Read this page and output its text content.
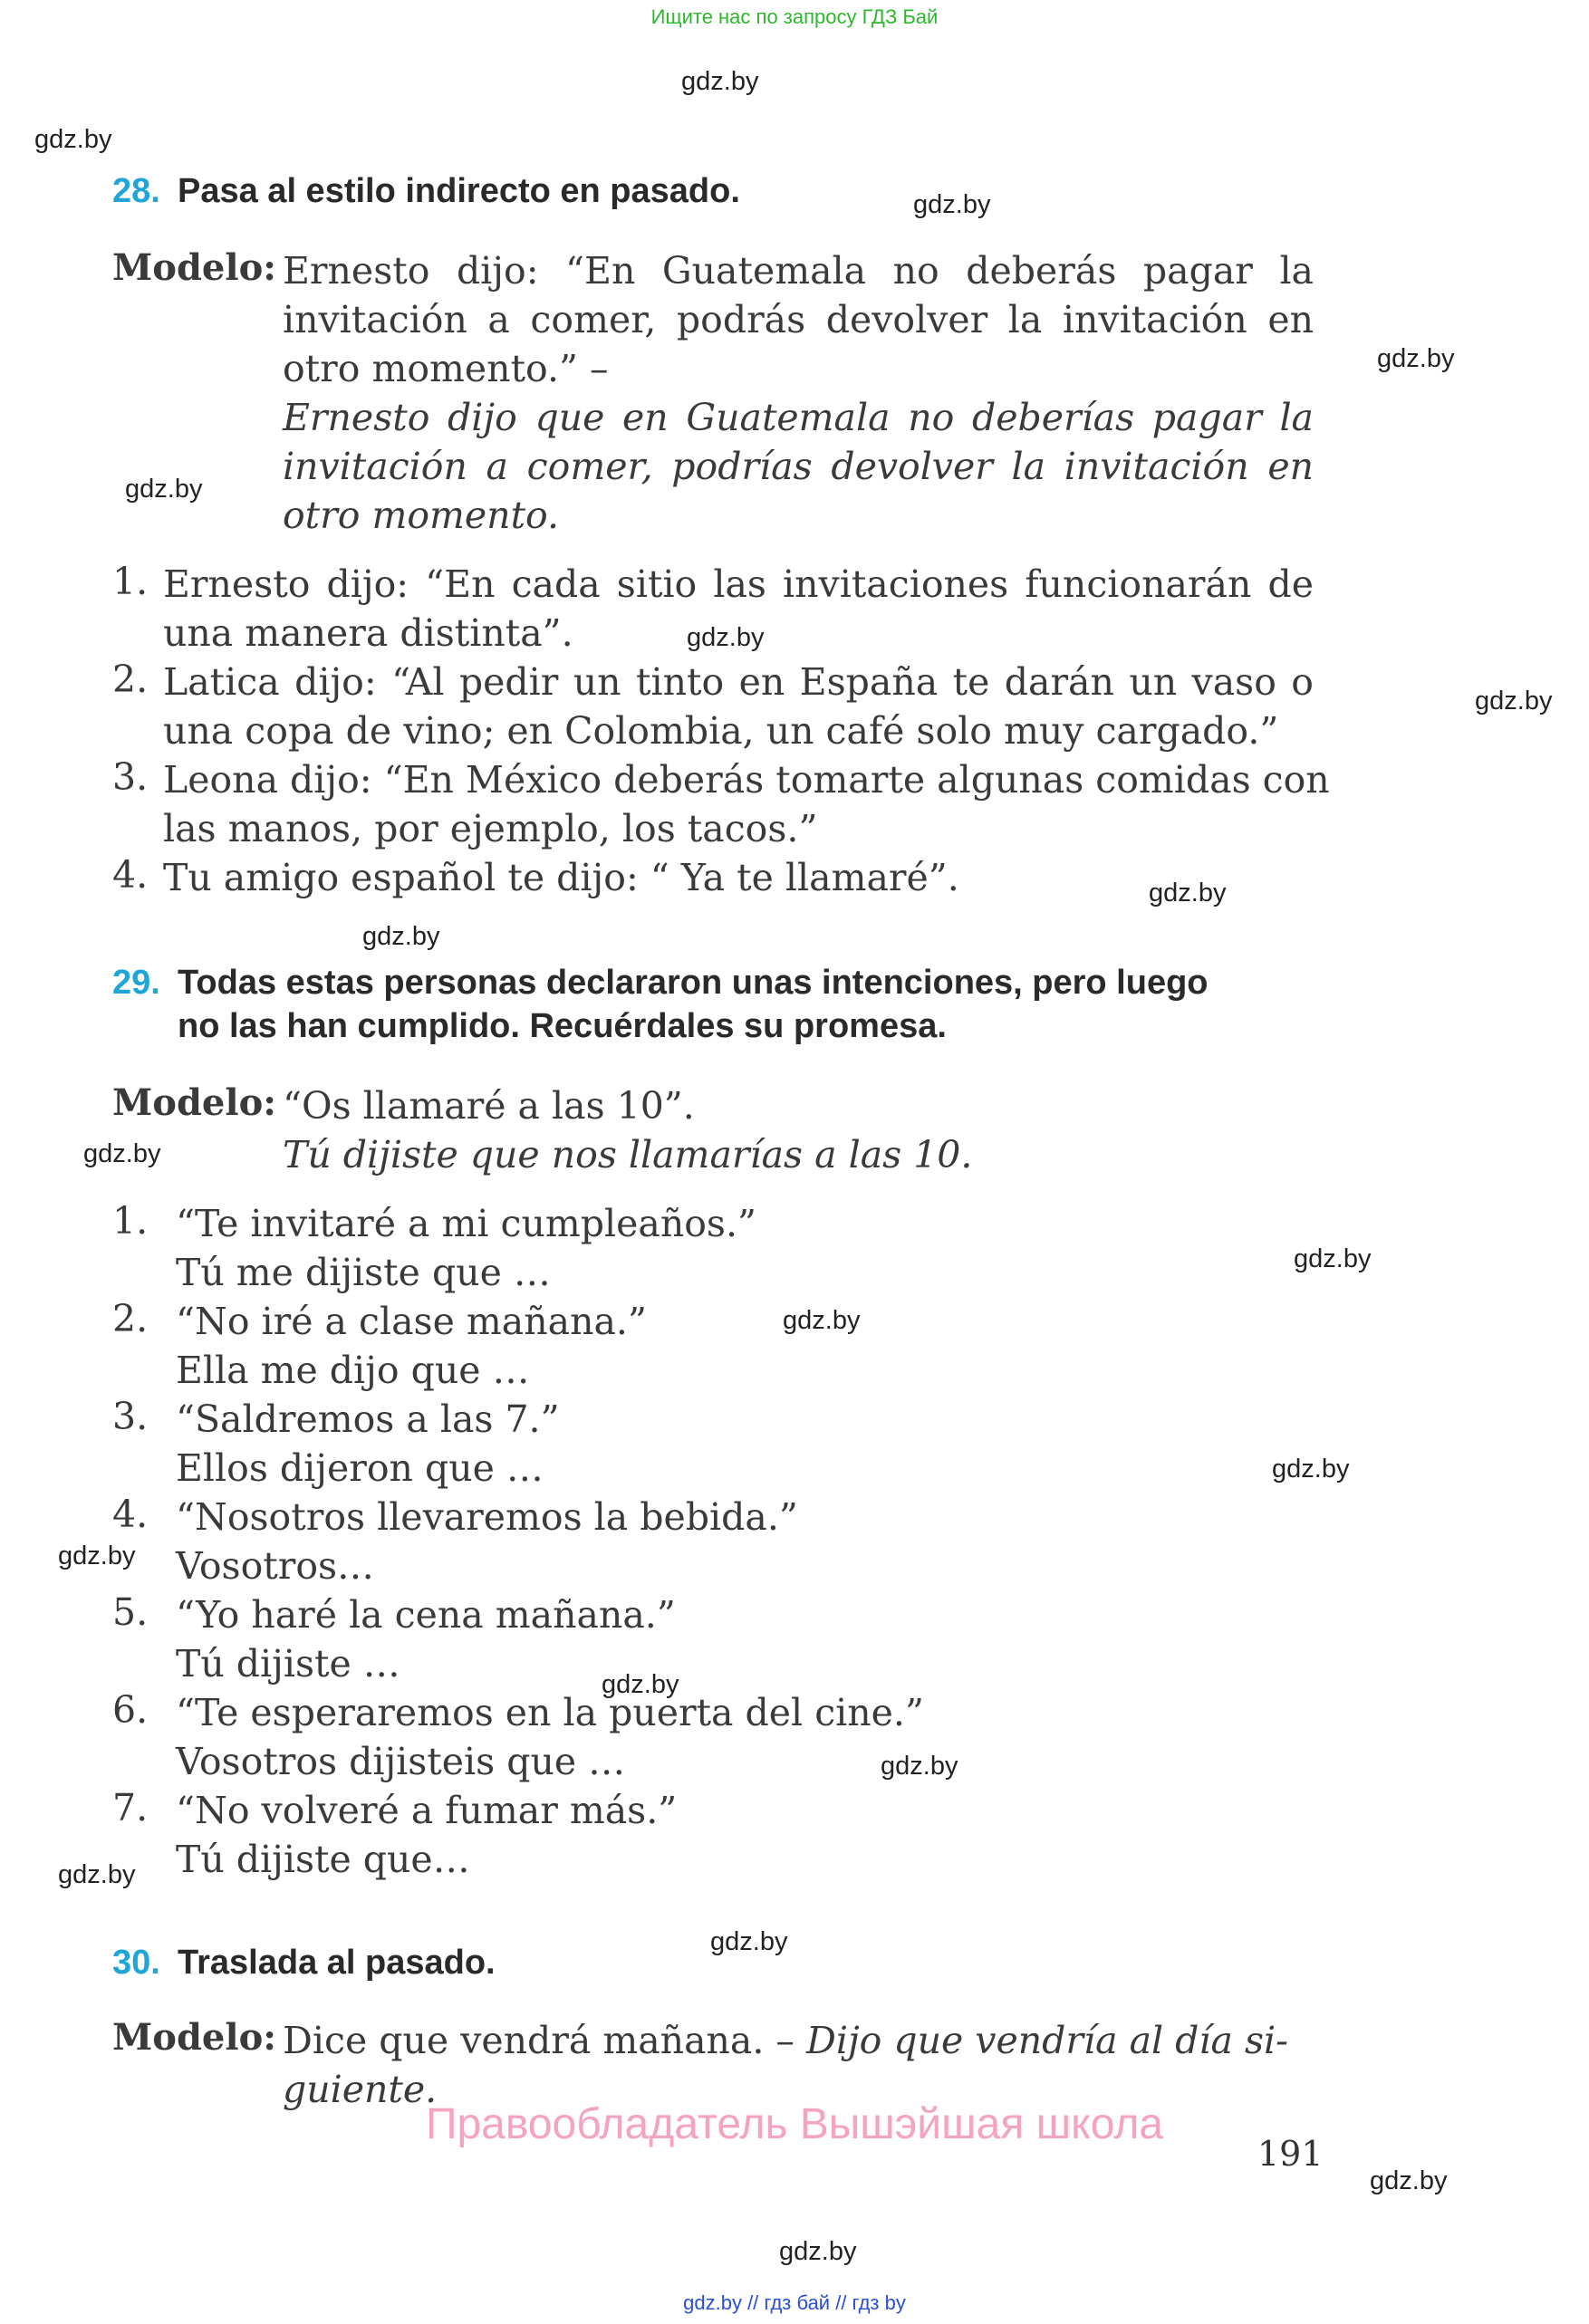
Ищите нас по запросу ГДЗ Бай
gdz.by
gdz.by
gdz.by
gdz.by
gdz.by
gdz.by
gdz.by
gdz.by
gdz.by
gdz.by
gdz.by
gdz.by
gdz.by
gdz.by
gdz.by
gdz.by
gdz.by
gdz.by
gdz.by
gdz.by
28. Pasa al estilo indirecto en pasado.
Modelo: Ernesto dijo: “En Guatemala no deberás pagar la
invitación a comer, podrás devolver la invitación en
otro momento.” –
Ernesto dijo que en Guatemala no deberías pagar la
invitación a comer, podrías devolver la invitación en
otro momento.
1. Ernesto dijo: “En cada sitio las invitaciones funcionarán de
una manera distinta”.
2. Latica dijo: “Al pedir un tinto en España te darán un vaso o
una copa de vino; en Colombia, un café solo muy cargado.”
3. Leona dijo: “En México deberás tomarte algunas comidas con
las manos, por ejemplo, los tacos.”
4. Tu amigo español te dijo: “ Ya te llamaré”.
29. Todas estas personas declararon unas intenciones, pero luego
no las han cumplido. Recuérdales su promesa.
Modelo: “Os llamaré a las 10”.
Tú dijiste que nos llamarías a las 10.
1. “Te invitaré a mi cumpleaños.”
Tú me dijiste que …
2. “No iré a clase mañana.”
Ella me dijo que …
3. “Saldremos a las 7.”
Ellos dijeron que …
4. “Nosotros llevaremos la bebida.”
Vosotros…
5. “Yo haré la cena mañana.”
Tú dijiste …
6. “Te esperaremos en la puerta del cine.”
Vosotros dijisteis que …
7. “No volveré a fumar más.”
Tú dijiste que…
30. Traslada al pasado.
Modelo: Dice que vendrá mañana. – Dijo que vendría al día si-
guiente.
Правообладатель Вышэйшая школа
191
gdz.by // гдз бай // гдз by
